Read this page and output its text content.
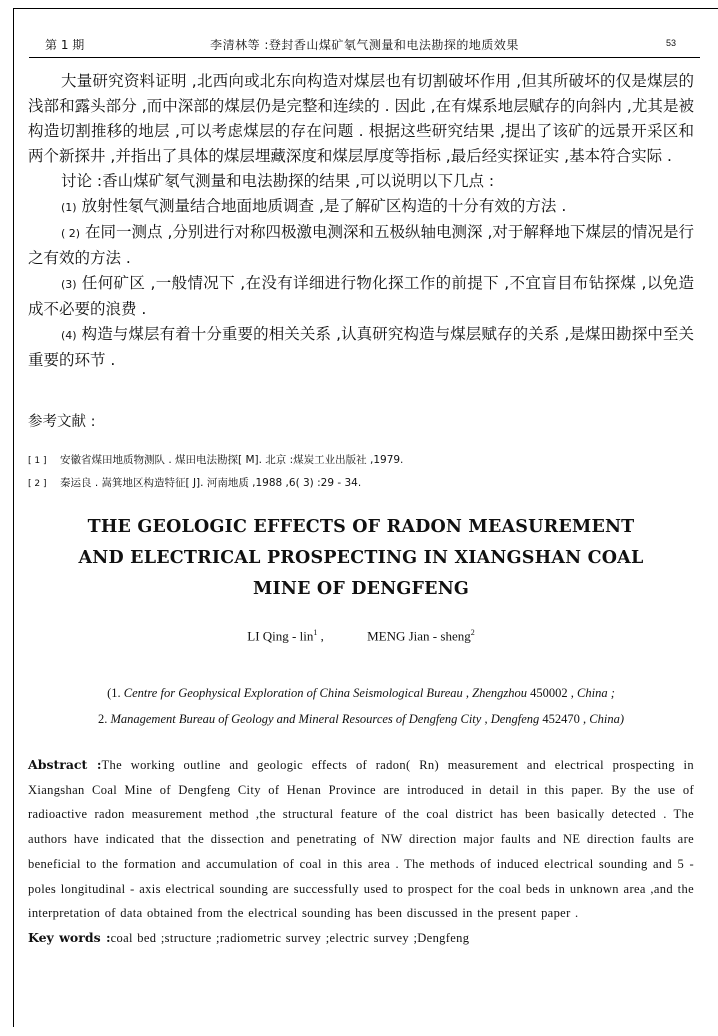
第 1 期	李清林等 :登封香山煤矿氡气测量和电法勘探的地质效果	53

大量研究资料证明 ,北西向或北东向构造对煤层也有切割破坏作用 ,但其所破坏的仅是煤层的浅部和露头部分 ,而中深部的煤层仍是完整和连续的 . 因此 ,在有煤系地层赋存的向斜内 ,尤其是被构造切割推移的地层 ,可以考虑煤层的存在问题 . 根据这些研究结果 ,提出了该矿的远景开采区和两个新探井 ,并指出了具体的煤层埋藏深度和煤层厚度等指标 ,最后经实探证实 ,基本符合实际 .

讨论 :香山煤矿氡气测量和电法勘探的结果 ,可以说明以下几点 :

(1) 放射性氡气测量结合地面地质调查 ,是了解矿区构造的十分有效的方法 .

( 2) 在同一测点 ,分别进行对称四极激电测深和五极纵轴电测深 ,对于解释地下煤层的情况是行之有效的方法 .

(3) 任何矿区 ,一般情况下 ,在没有详细进行物化探工作的前提下 ,不宜盲目布钻探煤 ,以免造成不必要的浪费 .

(4) 构造与煤层有着十分重要的相关关系 ,认真研究构造与煤层赋存的关系 ,是煤田勘探中至关重要的环节 .

参考文献 :
[ 1 ] 安徽省煤田地质物测队 . 煤田电法勘探[ M]. 北京 :煤炭工业出版社 ,1979.
[ 2 ] 秦运良 . 嵩箕地区构造特征[ J]. 河南地质 ,1988 ,6( 3) :29 - 34.
THE GEOLOGIC EFFECTS OF RADON MEASUREMENT
AND ELECTRICAL PROSPECTING IN XIANGSHAN COAL
MINE OF DENGFENG
LI Qing - lin$^1$ ,	MENG Jian - sheng$^2$
(1. Centre for Geophysical Exploration of China Seismological Bureau , Zhengzhou 450002 , China ;
2. Management Bureau of Geology and Mineral Resources of Dengfeng City , Dengfeng 452470 , China)

Abstract :The working outline and geologic effects of radon( Rn) measurement and electrical prospecting in Xiangshan Coal Mine of Dengfeng City of Henan Province are introduced in detail in this paper. By the use of radioactive radon measurement method ,the structural feature of the coal district has been basically detected . The authors have indicated that the dissection and penetrating of NW direction major faults and NE direction faults are beneficial to the formation and accumulation of coal in this area . The methods of induced electrical sounding and 5 - poles longitudinal - axis electrical sounding are successfully used to prospect for the coal beds in unknown area ,and the interpretation of data obtained from the electrical sounding has been discussed in the present paper .

Key words :coal bed ;structure ;radiometric survey ;electric survey ;Dengfeng
